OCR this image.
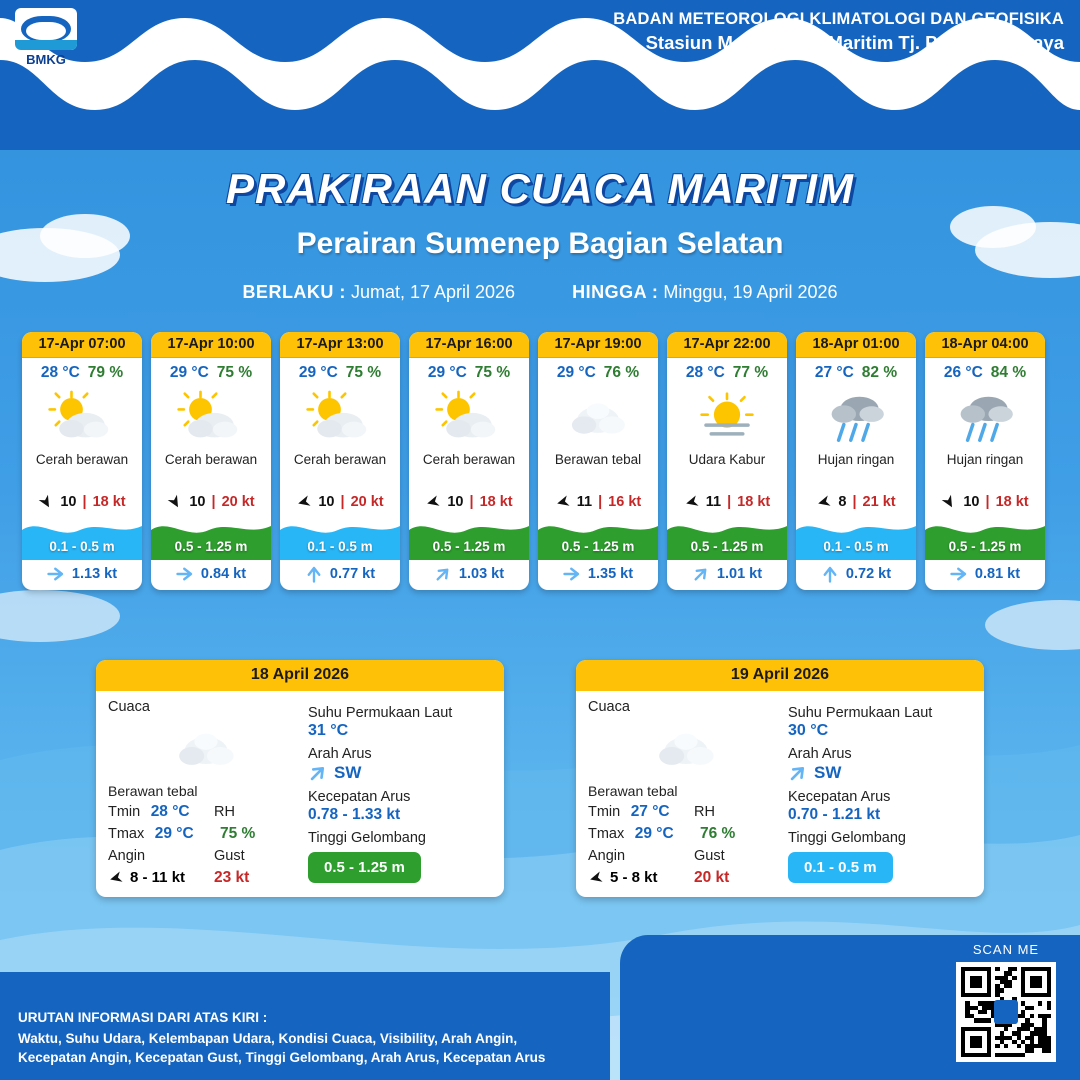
BMKG
BADAN METEOROLOGI KLIMATOLOGI DAN GEOFISIKA
Stasiun Meteorologi Maritim Tj. Perak Surabaya
PRAKIRAAN CUACA MARITIM
Perairan Sumenep Bagian Selatan
BERLAKU : Jumat, 17 April 2026	HINGGA : Minggu, 19 April 2026
17-Apr 07:00
28 °C 79 %
Cerah berawan
10 | 18 kt
0.1 - 0.5 m
1.13 kt
17-Apr 10:00
29 °C 75 %
Cerah berawan
10 | 20 kt
0.5 - 1.25 m
0.84 kt
17-Apr 13:00
29 °C 75 %
Cerah berawan
10 | 20 kt
0.1 - 0.5 m
0.77 kt
17-Apr 16:00
29 °C 75 %
Cerah berawan
10 | 18 kt
0.5 - 1.25 m
1.03 kt
17-Apr 19:00
29 °C 76 %
Berawan tebal
11 | 16 kt
0.5 - 1.25 m
1.35 kt
17-Apr 22:00
28 °C 77 %
Udara Kabur
11 | 18 kt
0.5 - 1.25 m
1.01 kt
18-Apr 01:00
27 °C 82 %
Hujan ringan
8 | 21 kt
0.1 - 0.5 m
0.72 kt
18-Apr 04:00
26 °C 84 %
Hujan ringan
10 | 18 kt
0.5 - 1.25 m
0.81 kt
18 April 2026
Cuaca
Berawan tebal
Tmin 28 °C	RH
Tmax 29 °C	75 %
Angin	Gust
8 - 11 kt 23 kt
Suhu Permukaan Laut
31 °C
Arah Arus
SW
Kecepatan Arus
0.78 - 1.33 kt
Tinggi Gelombang
0.5 - 1.25 m
19 April 2026
Cuaca
Berawan tebal
Tmin 27 °C	RH
Tmax 29 °C	76 %
Angin	Gust
5 - 8 kt 20 kt
Suhu Permukaan Laut
30 °C
Arah Arus
SW
Kecepatan Arus
0.70 - 1.21 kt
Tinggi Gelombang
0.1 - 0.5 m
URUTAN INFORMASI DARI ATAS KIRI :
Waktu, Suhu Udara, Kelembapan Udara, Kondisi Cuaca, Visibility, Arah Angin,
Kecepatan Angin, Kecepatan Gust, Tinggi Gelombang, Arah Arus, Kecepatan Arus
SCAN ME
